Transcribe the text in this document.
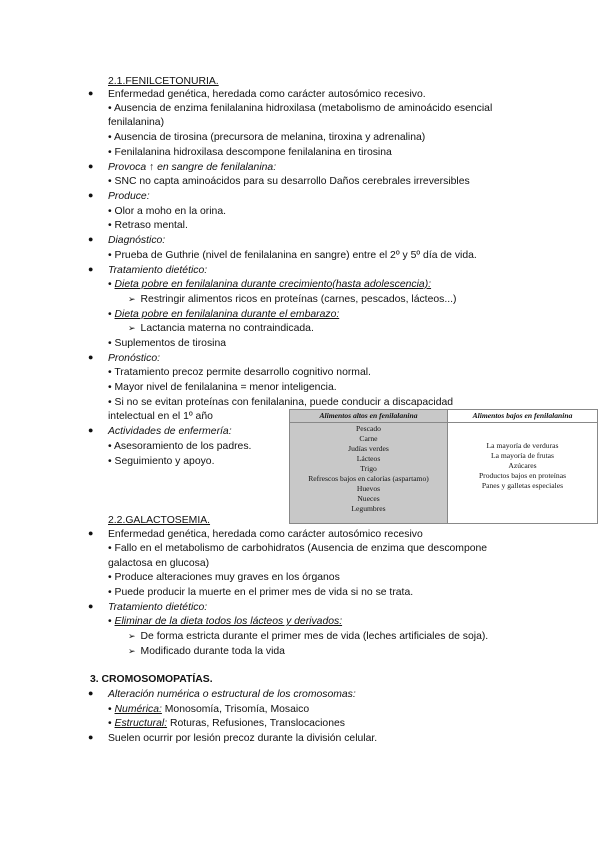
2.1.FENILCETONURIA.
● Enfermedad genética, heredada como carácter autosómico recesivo.
• Ausencia de enzima fenilalanina hidroxilasa (metabolismo de aminoácido esencial
fenilalanina)
• Ausencia de tirosina (precursora de melanina, tiroxina y adrenalina)
• Fenilalanina hidroxilasa descompone fenilalanina en tirosina
● Provoca ↑ en sangre de fenilalanina:
• SNC no capta aminoácidos para su desarrollo Daños cerebrales irreversibles
● Produce:
• Olor a moho en la orina.
• Retraso mental.
● Diagnóstico:
• Prueba de Guthrie (nivel de fenilalanina en sangre) entre el 2º y 5º día de vida.
● Tratamiento dietético:
• Dieta pobre en fenilalanina durante crecimiento(hasta adolescencia):
➢ Restringir alimentos ricos en proteínas (carnes, pescados, lácteos...)
• Dieta pobre en fenilalanina durante el embarazo:
➢ Lactancia materna no contraindicada.
• Suplementos de tirosina
● Pronóstico:
• Tratamiento precoz permite desarrollo cognitivo normal.
• Mayor nivel de fenilalanina = menor inteligencia.
• Si no se evitan proteínas con fenilalanina, puede conducir a discapacidad
intelectual en el 1º año
● Actividades de enfermería:
• Asesoramiento de los padres.
• Seguimiento y apoyo.
Alimentos altos en fenilalanina	Alimentos bajos en fenilalanina
Pescado
Carne
Judías verdes
Lácteos
Trigo
Refrescos bajos en calorías (aspartamo)
Huevos
Nueces
Legumbres
La mayoría de verduras
La mayoría de frutas
Azúcares
Productos bajos en proteínas
Panes y galletas especiales
2.2.GALACTOSEMIA.
● Enfermedad genética, heredada como carácter autosómico recesivo
• Fallo en el metabolismo de carbohidratos (Ausencia de enzima que descompone
galactosa en glucosa)
• Produce alteraciones muy graves en los órganos
• Puede producir la muerte en el primer mes de vida si no se trata.
● Tratamiento dietético:
• Eliminar de la dieta todos los lácteos y derivados:
➢ De forma estricta durante el primer mes de vida (leches artificiales de soja).
➢ Modificado durante toda la vida
3. CROMOSOMOPATÍAS.
● Alteración numérica o estructural de los cromosomas:
• Numérica: Monosomía, Trisomía, Mosaico
• Estructural: Roturas, Refusiones, Translocaciones
● Suelen ocurrir por lesión precoz durante la división celular.
